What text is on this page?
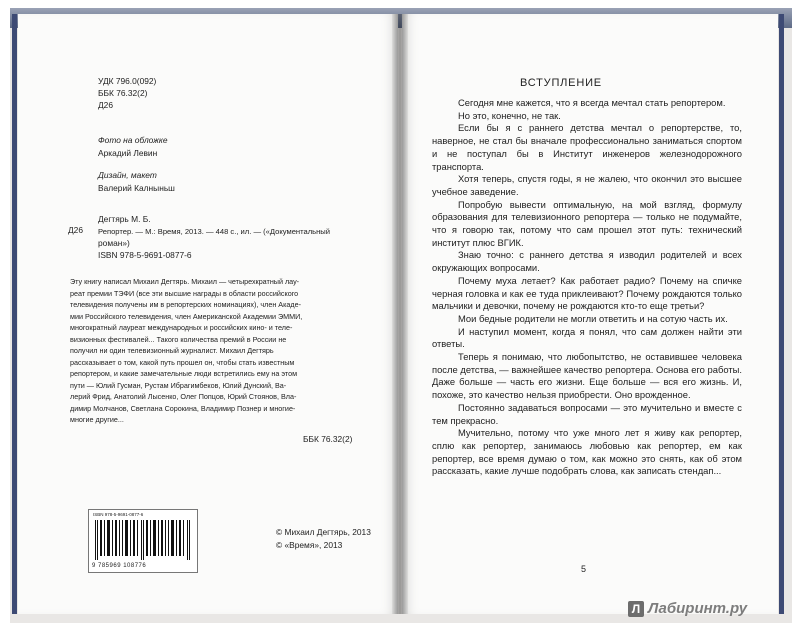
УДК 796.0(092)
ББК 76.32(2)
Д26
Фото на обложке
Аркадий Левин
Дизайн, макет
Валерий Калныньш
Д26
Дегтярь М. Б.
Репортер. — М.: Время, 2013. — 448 с., ил. — («Документальный
роман»)
ISBN 978-5-9691-0877-6
Эту книгу написал Михаил Дегтярь. Михаил — четырехкратный лау-
реат премии ТЭФИ (все эти высшие награды в области российского
телевидения получены им в репортерских номинациях), член Акаде-
мии Российского телевидения, член Американской Академии ЭММИ,
многократный лауреат международных и российских кино- и теле-
визионных фестивалей... Такого количества премий в России не
получил ни один телевизионный журналист. Михаил Дегтярь
рассказывает о том, какой путь прошел он, чтобы стать известным
репортером, и какие замечательные люди встретились ему на этом
пути — Юлий Гусман, Рустам Ибрагимбеков, Юлий Дунский, Ва-
лерий Фрид, Анатолий Лысенко, Олег Попцов, Юрий Стоянов, Вла-
димир Молчанов, Светлана Сорокина, Владимир Познер и многие-
многие другие...
ББК 76.32(2)
ISBN 978-5-9691-0877-6
9 785969 108776
© Михаил Дегтярь, 2013
© «Время», 2013
ВСТУПЛЕНИЕ

Сегодня мне кажется, что я всегда мечтал стать репортером.

Но это, конечно, не так.

Если бы я с раннего детства мечтал о репортерстве, то, наверное, не стал бы вначале профессионально заниматься спортом и не поступал бы в Институт инженеров железнодорожного транспорта.

Хотя теперь, спустя годы, я не жалею, что окончил это высшее учебное заведение.

Попробую вывести оптимальную, на мой взгляд, формулу образования для телевизионного репортера — только не подумайте, что я говорю так, потому что сам прошел этот путь: технический институт плюс ВГИК.

Знаю точно: с раннего детства я изводил родителей и всех окружающих вопросами.

Почему муха летает? Как работает радио? Почему на спичке черная головка и как ее туда приклеивают? Почему рождаются только мальчики и девочки, почему не рождаются кто-то еще третьи?

Мои бедные родители не могли ответить и на сотую часть их.

И наступил момент, когда я понял, что сам должен найти эти ответы.

Теперь я понимаю, что любопытство, не оставившее человека после детства, — важнейшее качество репортера. Основа его работы. Даже больше — часть его жизни. Еще больше — вся его жизнь. И, похоже, это качество нельзя приобрести. Оно врожденное.

Постоянно задаваться вопросами — это мучительно и вместе с тем прекрасно.

Мучительно, потому что уже много лет я живу как репортер, сплю как репортер, занимаюсь любовью как репортер, ем как репортер, все время думаю о том, как можно это снять, как об этом рассказать, какие лучше подобрать слова, как записать стендап...

5
Л Лабиринт.ру
